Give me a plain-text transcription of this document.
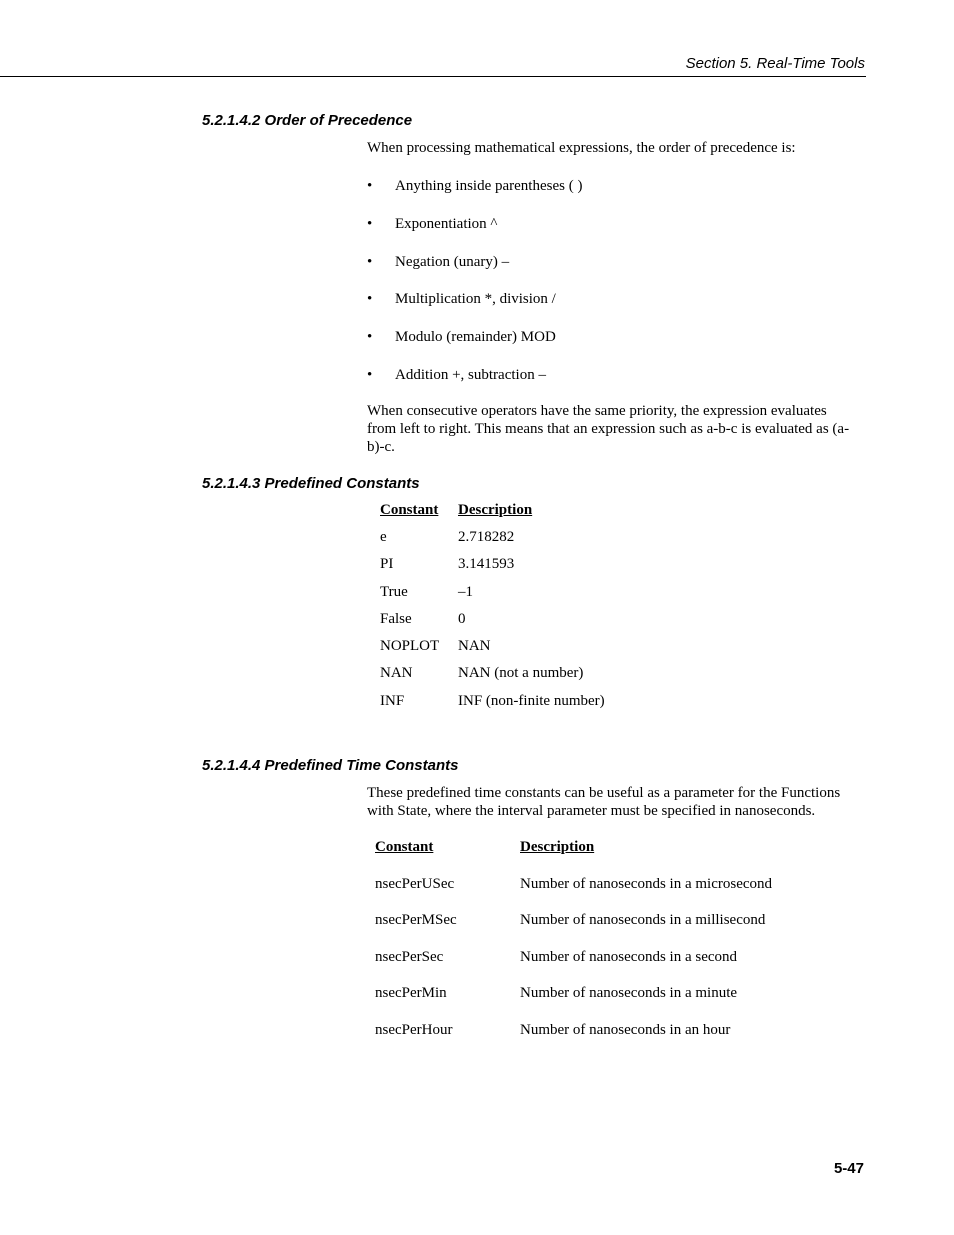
Section 5. Real-Time Tools
5.2.1.4.2 Order of Precedence
When processing mathematical expressions, the order of precedence is:
• Anything inside parentheses ( )
• Exponentiation ^
• Negation (unary) –
• Multiplication *, division /
• Modulo (remainder) MOD
• Addition +, subtraction –
When consecutive operators have the same priority, the expression evaluates from left to right. This means that an expression such as a-b-c is evaluated as (a-b)-c.
5.2.1.4.3 Predefined Constants
Constant	Description
e	2.718282
PI	3.141593
True	–1
False	0
NOPLOT	NAN
NAN	NAN (not a number)
INF	INF (non-finite number)
5.2.1.4.4 Predefined Time Constants
These predefined time constants can be useful as a parameter for the Functions with State, where the interval parameter must be specified in nanoseconds.
Constant	Description
nsecPerUSec	Number of nanoseconds in a microsecond
nsecPerMSec	Number of nanoseconds in a millisecond
nsecPerSec	Number of nanoseconds in a second
nsecPerMin	Number of nanoseconds in a minute
nsecPerHour	Number of nanoseconds in an hour
5-47
